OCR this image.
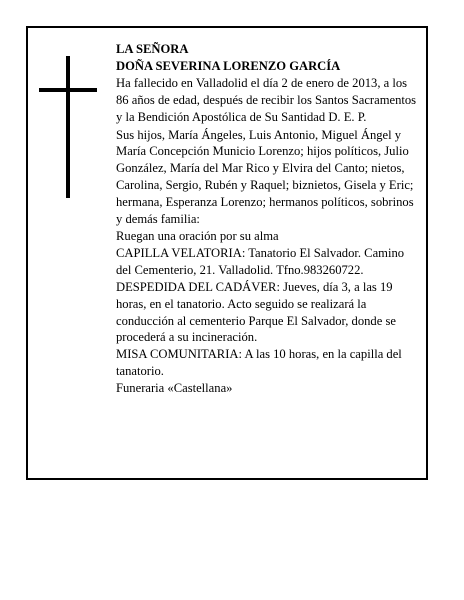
LA SEÑORA

DOÑA SEVERINA LORENZO GARCÍA

Ha fallecido en Valladolid el día 2 de enero de 2013, a los 86 años de edad, después de recibir los Santos Sacramentos y la Bendición Apostólica de Su Santidad D. E. P.

Sus hijos, María Ángeles, Luis Antonio, Miguel Ángel y María Concepción Municio Lorenzo; hijos políticos, Julio González, María del Mar Rico y Elvira del Canto; nietos, Carolina, Sergio, Rubén y Raquel; biznietos, Gisela y Eric; hermana, Esperanza Lorenzo; hermanos políticos, sobrinos y demás familia:

Ruegan una oración por su alma

CAPILLA VELATORIA: Tanatorio El Salvador. Camino del Cementerio, 21. Valladolid. Tfno.983260722.

DESPEDIDA DEL CADÁVER: Jueves, día 3, a las 19 horas, en el tanatorio. Acto seguido se realizará la conducción al cementerio Parque El Salvador, donde se procederá a su incineración.

MISA COMUNITARIA: A las 10 horas, en la capilla del tanatorio.

Funeraria «Castellana»
